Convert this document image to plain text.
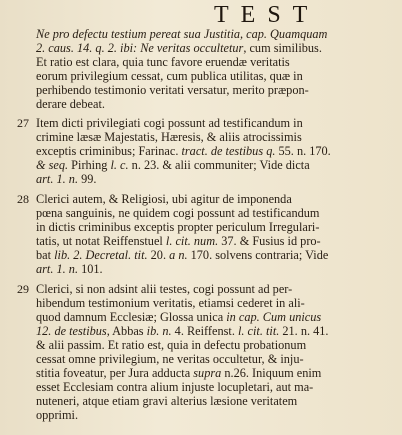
TEST
Ne pro defectu testium pereat sua Justitia, cap. Quamquam
2. caus. 14. q. 2. ibi: Ne veritas occultetur, cum similibus.
Et ratio est clara, quia tunc favore eruendæ veritatis
eorum privilegium cessat, cum publica utilitas, quæ in
perhibendo testimonio veritati versatur, merito præpon-
derare debeat.
Item dicti privilegiati cogi possunt ad testificandum in
crimine læsæ Majestatis, Hæresis, & aliis atrocissimis
exceptis criminibus; Farinac. tract. de testibus q. 55. n. 170.
& seq. Pirhing l. c. n. 23. & alii communiter; Vide dicta
art. 1. n. 99.
Clerici autem, & Religiosi, ubi agitur de imponenda
pœna sanguinis, ne quidem cogi possunt ad testificandum
in dictis criminibus exceptis propter periculum Irregulari-
tatis, ut notat Reiffenstuel l. cit. num. 37. & Fusius id pro-
bat lib. 2. Decretal. tit. 20. a n. 170. solvens contraria; Vide
art. 1. n. 101.
Clerici, si non adsint alii testes, cogi possunt ad per-
hibendum testimonium veritatis, etiamsi cederet in ali-
quod damnum Ecclesiæ; Glossa unica in cap. Cum unicus
12. de testibus, Abbas ib. n. 4. Reiffenst. l. cit. tit. 21. n. 41.
& alii passim. Et ratio est, quia in defectu probationum
cessat omne privilegium, ne veritas occultetur, & inju-
stitia foveatur, per Jura adducta supra n.26. Iniquum enim
esset Ecclesiam contra alium injuste locupletari, aut ma-
nuteneri, atque etiam gravi alterius læsione veritatem
opprimi.
27
28
29
